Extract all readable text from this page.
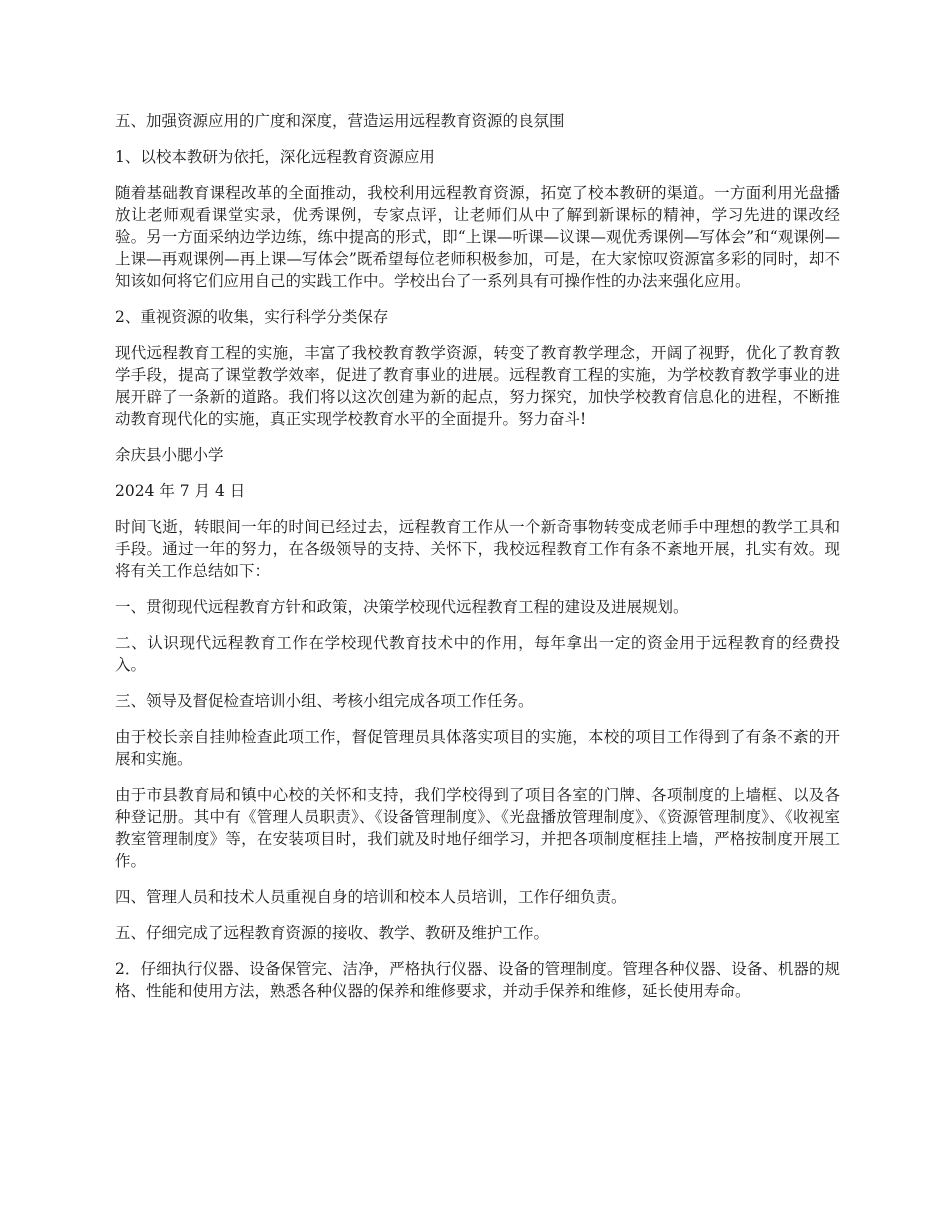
五、加强资源应用的广度和深度，营造运用远程教育资源的良氛围

1、以校本教研为依托，深化远程教育资源应用

随着基础教育课程改革的全面推动，我校利用远程教育资源，拓宽了校本教研的渠道。一方面利用光盘播放让老师观看课堂实录，优秀课例，专家点评，让老师们从中了解到新课标的精神，学习先进的课改经验。另一方面采纳边学边练，练中提高的形式，即“上课—听课—议课—观优秀课例—写体会”和“观课例—上课—再观课例—再上课—写体会”既希望每位老师积极参加，可是，在大家惊叹资源富多彩的同时，却不知该如何将它们应用自己的实践工作中。学校出台了一系列具有可操作性的办法来强化应用。

2、重视资源的收集，实行科学分类保存

现代远程教育工程的实施，丰富了我校教育教学资源，转变了教育教学理念，开阔了视野，优化了教育教学手段，提高了课堂教学效率，促进了教育事业的进展。远程教育工程的实施，为学校教育教学事业的进展开辟了一条新的道路。我们将以这次创建为新的起点，努力探究，加快学校教育信息化的进程，不断推动教育现代化的实施，真正实现学校教育水平的全面提升。努力奋斗!

余庆县小腮小学

2024 年 7 月 4 日

时间飞逝，转眼间一年的时间已经过去，远程教育工作从一个新奇事物转变成老师手中理想的教学工具和手段。通过一年的努力，在各级领导的支持、关怀下，我校远程教育工作有条不紊地开展，扎实有效。现将有关工作总结如下：

一、贯彻现代远程教育方针和政策，决策学校现代远程教育工程的建设及进展规划。

二、认识现代远程教育工作在学校现代教育技术中的作用，每年拿出一定的资金用于远程教育的经费投入。

三、领导及督促检查培训小组、考核小组完成各项工作任务。

由于校长亲自挂帅检查此项工作，督促管理员具体落实项目的实施，本校的项目工作得到了有条不紊的开展和实施。

由于市县教育局和镇中心校的关怀和支持，我们学校得到了项目各室的门牌、各项制度的上墙框、以及各种登记册。其中有《管理人员职责》、《设备管理制度》、《光盘播放管理制度》、《资源管理制度》、《收视室教室管理制度》等，在安装项目时，我们就及时地仔细学习，并把各项制度框挂上墙，严格按制度开展工作。

四、管理人员和技术人员重视自身的培训和校本人员培训，工作仔细负责。

五、仔细完成了远程教育资源的接收、教学、教研及维护工作。

2．仔细执行仪器、设备保管完、洁净，严格执行仪器、设备的管理制度。管理各种仪器、设备、机器的规格、性能和使用方法，熟悉各种仪器的保养和维修要求，并动手保养和维修，延长使用寿命。
